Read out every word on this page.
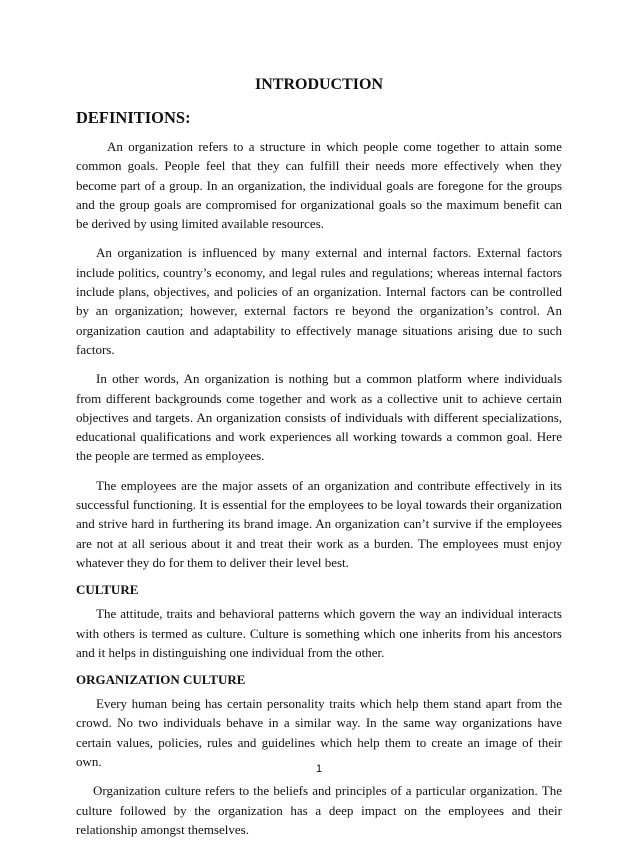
INTRODUCTION
DEFINITIONS:

An organization refers to a structure in which people come together to attain some common goals. People feel that they can fulfill their needs more effectively when they become part of a group. In an organization, the individual goals are foregone for the groups and the group goals are compromised for organizational goals so the maximum benefit can be derived by using limited available resources.

An organization is influenced by many external and internal factors. External factors include politics, country’s economy, and legal rules and regulations; whereas internal factors include plans, objectives, and policies of an organization. Internal factors can be controlled by an organization; however, external factors re beyond the organization’s control. An organization caution and adaptability to effectively manage situations arising due to such factors.

In other words, An organization is nothing but a common platform where individuals from different backgrounds come together and work as a collective unit to achieve certain objectives and targets. An organization consists of individuals with different specializations, educational qualifications and work experiences all working towards a common goal. Here the people are termed as employees.

The employees are the major assets of an organization and contribute effectively in its successful functioning. It is essential for the employees to be loyal towards their organization and strive hard in furthering its brand image. An organization can’t survive if the employees are not at all serious about it and treat their work as a burden. The employees must enjoy whatever they do for them to deliver their level best.

CULTURE

The attitude, traits and behavioral patterns which govern the way an individual interacts with others is termed as culture. Culture is something which one inherits from his ancestors and it helps in distinguishing one individual from the other.

ORGANIZATION CULTURE

Every human being has certain personality traits which help them stand apart from the crowd. No two individuals behave in a similar way. In the same way organizations have certain values, policies, rules and guidelines which help them to create an image of their own.

Organization culture refers to the beliefs and principles of a particular organization. The culture followed by the organization has a deep impact on the employees and their relationship amongst themselves.

1
